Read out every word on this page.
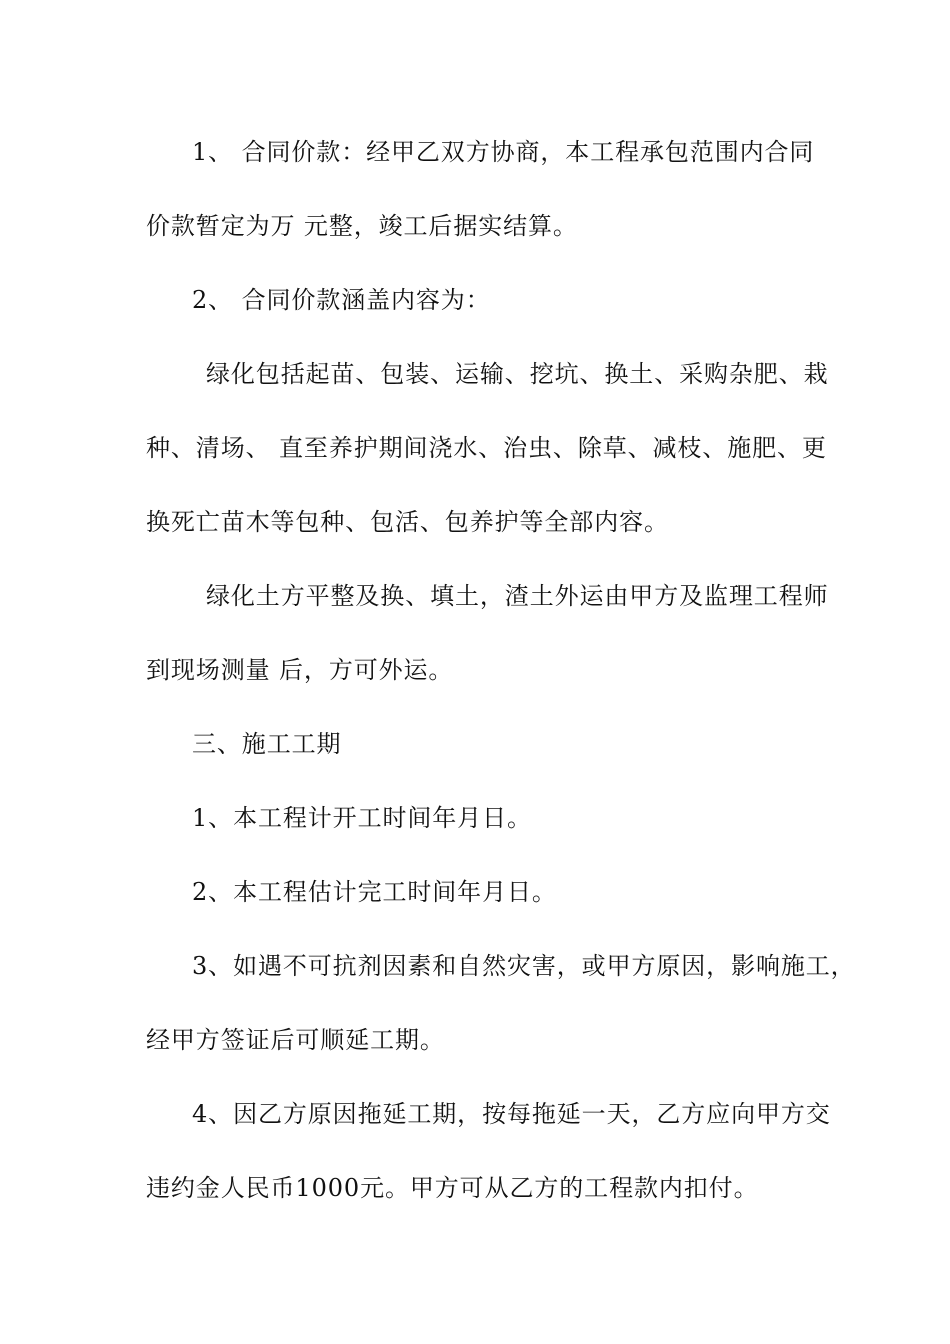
1、 合同价款：经甲乙双方协商，本工程承包范围内合同
价款暂定为万 元整，竣工后据实结算。
2、 合同价款涵盖内容为：
绿化包括起苗、包装、运输、挖坑、换土、采购杂肥、栽
种、清场、 直至养护期间浇水、治虫、除草、减枝、施肥、更
换死亡苗木等包种、包活、包养护等全部内容。
绿化土方平整及换、填土，渣土外运由甲方及监理工程师
到现场测量 后，方可外运。
三、施工工期
1、本工程计开工时间年月日。
2、本工程估计完工时间年月日。
3、如遇不可抗剂因素和自然灾害，或甲方原因，影响施工，
经甲方签证后可顺延工期。
4、因乙方原因拖延工期，按每拖延一天，乙方应向甲方交
违约金人民币1000元。甲方可从乙方的工程款内扣付。
